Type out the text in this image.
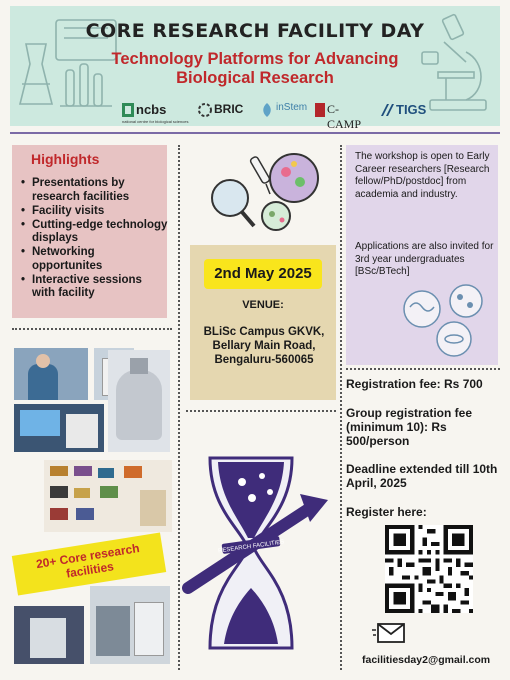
CORE RESEARCH FACILITY DAY
Technology Platforms for Advancing
Biological Research
ncbs
national centre for biological sciences
BRIC	inStem C-CAMP
TIGS
Highlights
• Presentations by research facilities
• Facility visits
• Cutting-edge technology displays
• Networking opportunites
• Interactive sessions with facility
2nd May 2025
VENUE:
BLiSc Campus GKVK, Bellary Main Road, Bengaluru-560065
The workshop is open to Early Career researchers [Research fellow/PhD/postdoc] from academia and industry.
Applications are also invited for 3rd year undergraduates [BSc/BTech]
Registration fee: Rs 700
Group registration fee (minimum 10): Rs 500/person
Deadline extended till 10th April, 2025
Register here:
facilitiesday2@gmail.com
RESEARCH FACILITIES
20+ Core research facilities
